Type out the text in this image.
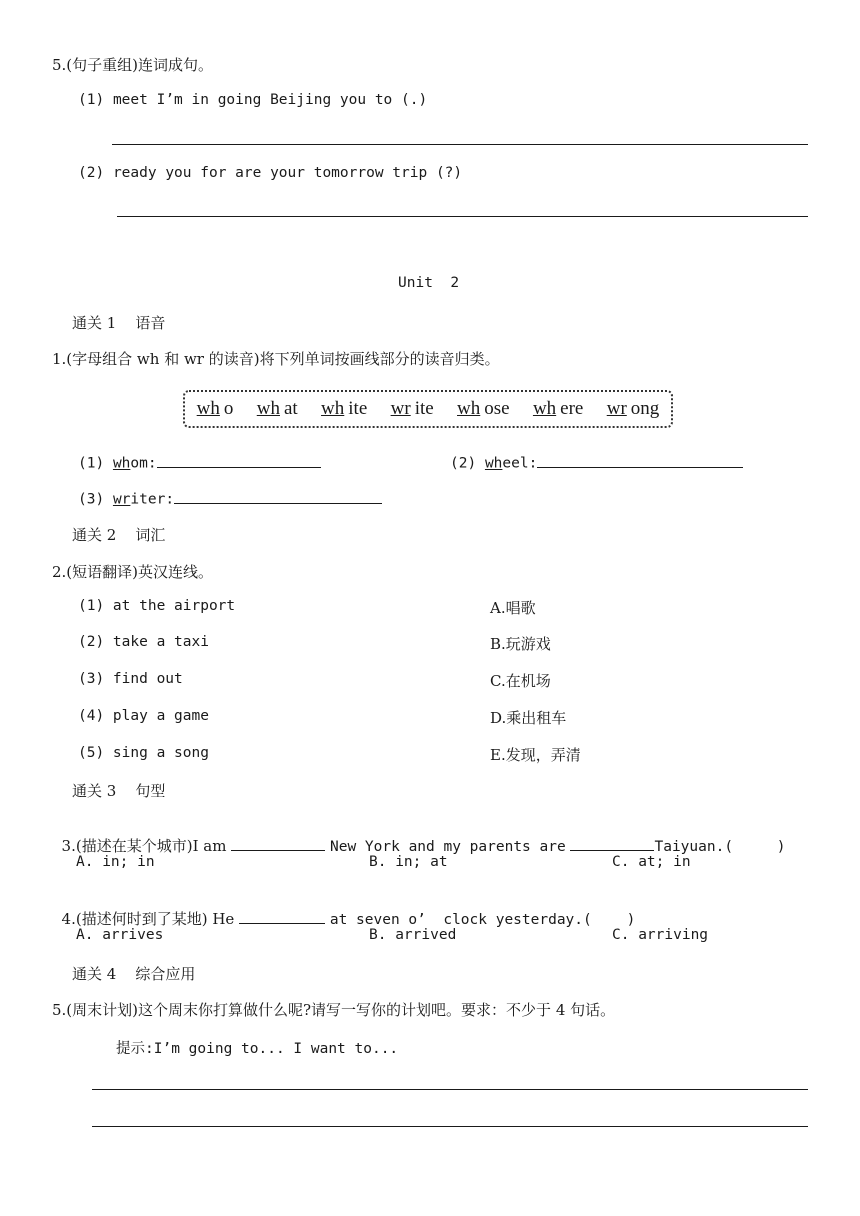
5.(句子重组)连词成句。
(1) meet I’m in going Beijing you to (.)
(2) ready you for are your tomorrow trip (?)
Unit  2
通关 1    语音
1.(字母组合 wh 和 wr 的读音)将下列单词按画线部分的读音归类。
wh o wh at wh ite wr ite wh ose wh ere wr ong
(1) whom:	(2) wheel:
(3) writer:
通关 2    词汇
2.(短语翻译)英汉连线。
(1) at the airport
(2) take a taxi
(3) find out
(4) play a game
(5) sing a song
A.唱歌
B.玩游戏
C.在机场
D.乘出租车
E.发现，弄清
通关 3    句型

3.(描述在某个城市)I am	New York and my parents are	Taiyuan.(     )

A. in; in	B. in; at	C. at; in

4.(描述何时到了某地) He	at seven o’  clock yesterday.(    )

A. arrives	B. arrived	C. arriving
通关 4    综合应用
5.(周末计划)这个周末你打算做什么呢?请写一写你的计划吧。要求：不少于 4 句话。
提示:I’m going to... I want to...
